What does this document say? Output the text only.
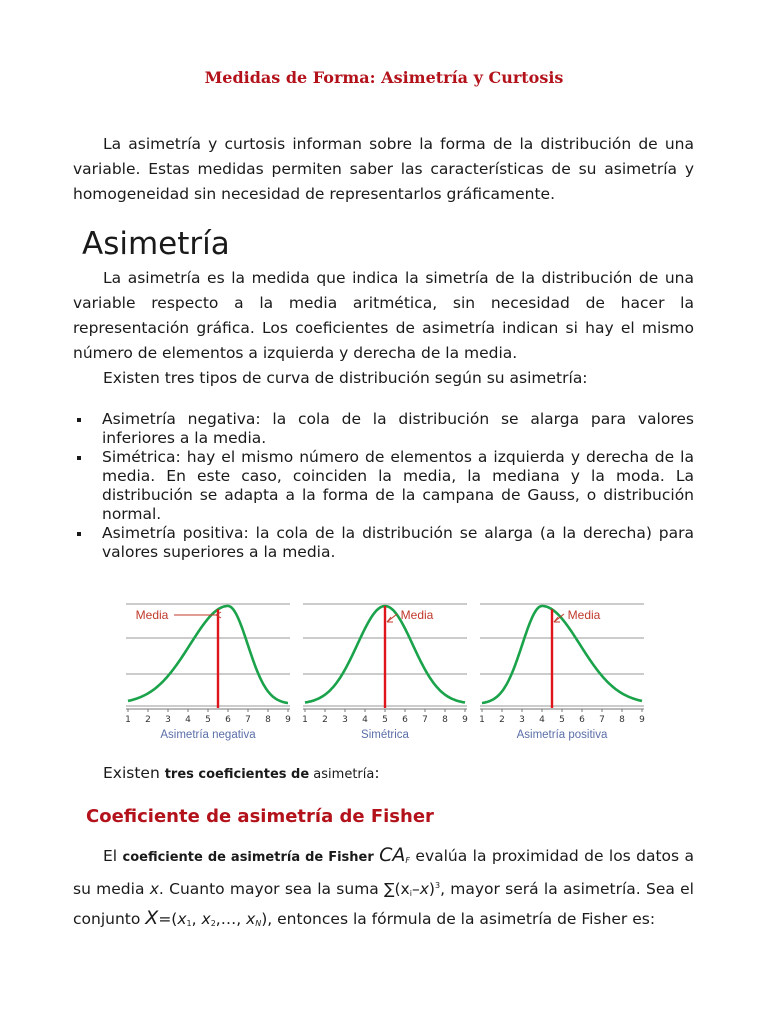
Medidas de Forma: Asimetría y Curtosis

La asimetría y curtosis informan sobre la forma de la distribución de una variable. Estas medidas permiten saber las características de su asimetría y homogeneidad sin necesidad de representarlos gráficamente.

Asimetría

La asimetría es la medida que indica la simetría de la distribución de una variable respecto a la media aritmética, sin necesidad de hacer la representación gráfica. Los coeficientes de asimetría indican si hay el mismo número de elementos a izquierda y derecha de la media.

Existen tres tipos de curva de distribución según su asimetría:

Asimetría negativa: la cola de la distribución se alarga para valores inferiores a la media.
Simétrica: hay el mismo número de elementos a izquierda y derecha de la media. En este caso, coinciden la media, la mediana y la moda. La distribución se adapta a la forma de la campana de Gauss, o distribución normal.
Asimetría positiva: la cola de la distribución se alarga (a la derecha) para valores superiores a la media.
1 2 3 4 5 6 7 8 9
Media
Asimetría negativa
1 2 3 4 5 6 7 8 9
Media
Simétrica
1 2 3 4 5 6 7 8 9
Media
Asimetría positiva

Existen tres coeficientes de asimetría:

Coeficiente de asimetría de Fisher

El coeficiente de asimetría de Fisher $CA_F$ evalúa la proximidad de los datos a su media x. Cuanto mayor sea la suma $\sum(x_i-x)^3$, mayor será la asimetría. Sea el conjunto $X=(x_1$, $x_2,\dots$, $x_N$), entonces la fórmula de la asimetría de Fisher es:
